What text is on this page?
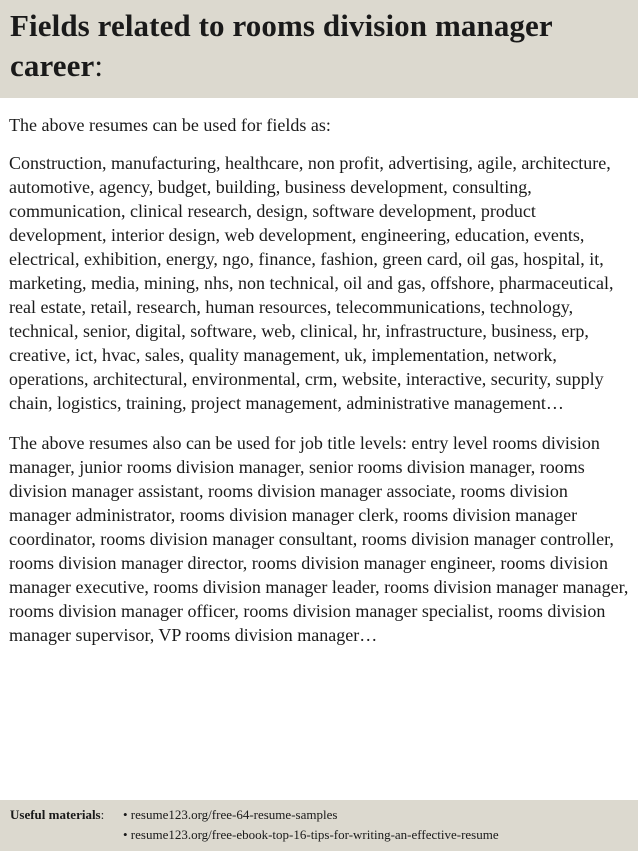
Fields related to rooms division manager career:

The above resumes can be used for fields as:

Construction, manufacturing, healthcare, non profit, advertising, agile, architecture, automotive, agency, budget, building, business development, consulting, communication, clinical research, design, software development, product development, interior design, web development, engineering, education, events, electrical, exhibition, energy, ngo, finance, fashion, green card, oil gas, hospital, it, marketing, media, mining, nhs, non technical, oil and gas, offshore, pharmaceutical, real estate, retail, research, human resources, telecommunications, technology, technical, senior, digital, software, web, clinical, hr, infrastructure, business, erp, creative, ict, hvac, sales, quality management, uk, implementation, network, operations, architectural, environmental, crm, website, interactive, security, supply chain, logistics, training, project management, administrative management…

The above resumes also can be used for job title levels: entry level rooms division manager, junior rooms division manager, senior rooms division manager, rooms division manager assistant, rooms division manager associate, rooms division manager administrator, rooms division manager clerk, rooms division manager coordinator, rooms division manager consultant, rooms division manager controller, rooms division manager director, rooms division manager engineer, rooms division manager executive, rooms division manager leader, rooms division manager manager, rooms division manager officer, rooms division manager specialist, rooms division manager supervisor, VP rooms division manager…

Useful materials:	• resume123.org/free-64-resume-samples
• resume123.org/free-ebook-top-16-tips-for-writing-an-effective-resume
